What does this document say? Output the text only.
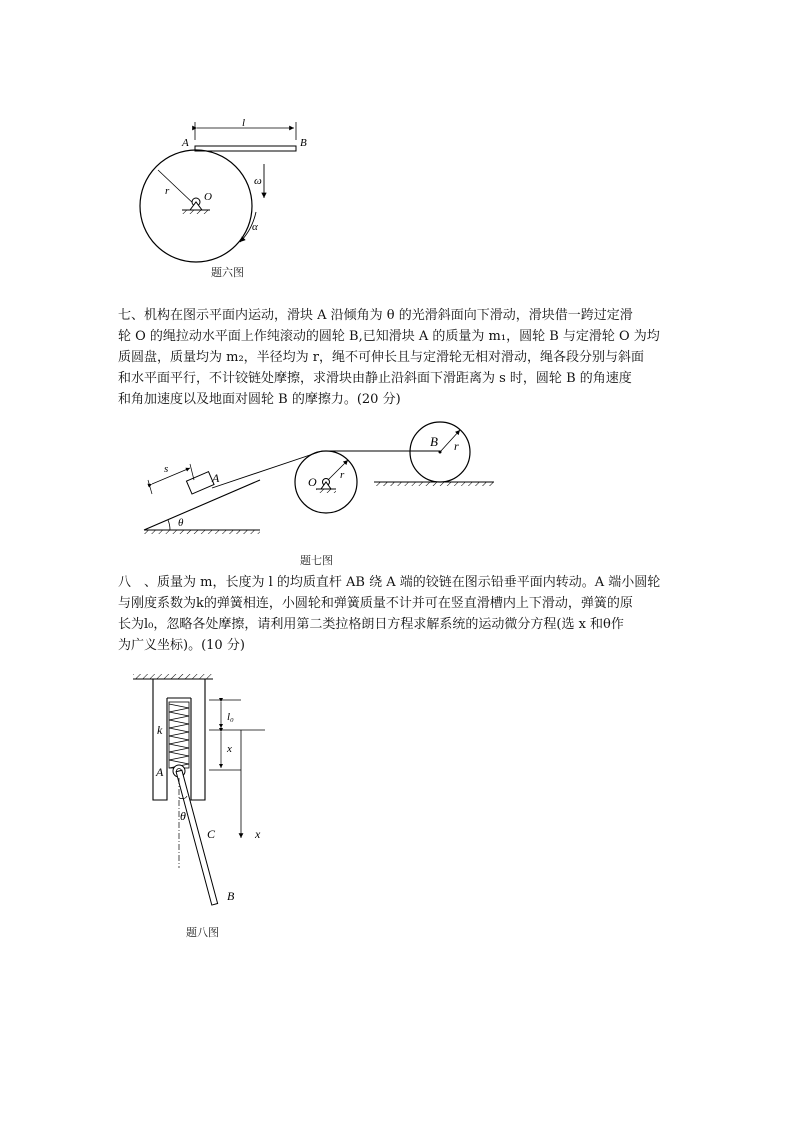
l
A	B
r	O
ω
α
题六图
七、机构在图示平面内运动，滑块 A 沿倾角为 θ 的光滑斜面向下滑动，滑块借一跨过定滑
轮 O 的绳拉动水平面上作纯滚动的圆轮 B,已知滑块 A 的质量为 m₁，圆轮 B 与定滑轮 O 为均
质圆盘，质量均为 m₂，半径均为 r，绳不可伸长且与定滑轮无相对滑动，绳各段分别与斜面
和水平面平行，不计铰链处摩擦，求滑块由静止沿斜面下滑距离为 s 时，圆轮 B 的角速度
和角加速度以及地面对圆轮 B 的摩擦力。(20 分)
θ
A
s	r
O
B r
题七图
八　、质量为 m，长度为 l 的均质直杆 AB 绕 A 端的铰链在图示铅垂平面内转动。A 端小圆轮
与刚度系数为k的弹簧相连，小圆轮和弹簧质量不计并可在竖直滑槽内上下滑动，弹簧的原
长为l₀，忽略各处摩擦，请利用第二类拉格朗日方程求解系统的运动微分方程(选 x 和θ作
为广义坐标)。(10 分)
k
A
θ
C
B
l₀
x
x
题八图
